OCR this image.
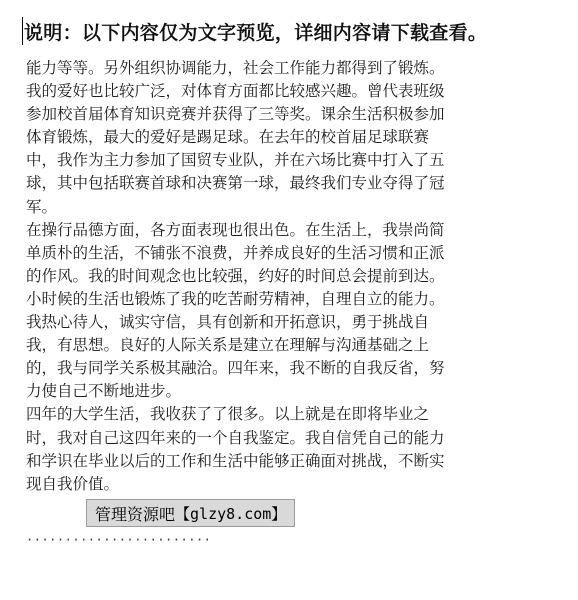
说明：以下内容仅为文字预览，详细内容请下载查看。
能力等等。另外组织协调能力，社会工作能力都得到了锻炼。
我的爱好也比较广泛，对体育方面都比较感兴趣。曾代表班级
参加校首届体育知识竞赛并获得了三等奖。课余生活积极参加
体育锻炼，最大的爱好是踢足球。在去年的校首届足球联赛
中，我作为主力参加了国贸专业队，并在六场比赛中打入了五
球，其中包括联赛首球和决赛第一球，最终我们专业夺得了冠
军。
在操行品德方面，各方面表现也很出色。在生活上，我崇尚简
单质朴的生活，不铺张不浪费，并养成良好的生活习惯和正派
的作风。我的时间观念也比较强，约好的时间总会提前到达。
小时候的生活也锻炼了我的吃苦耐劳精神，自理自立的能力。
我热心待人，诚实守信，具有创新和开拓意识，勇于挑战自
我，有思想。良好的人际关系是建立在理解与沟通基础之上
的，我与同学关系极其融洽。四年来，我不断的自我反省，努
力使自己不断地进步。
四年的大学生活，我收获了了很多。以上就是在即将毕业之
时，我对自己这四年来的一个自我鉴定。我自信凭自己的能力
和学识在毕业以后的工作和生活中能够正确面对挑战，不断实
现自我价值。
管理资源吧 【glzy8.com】
························
